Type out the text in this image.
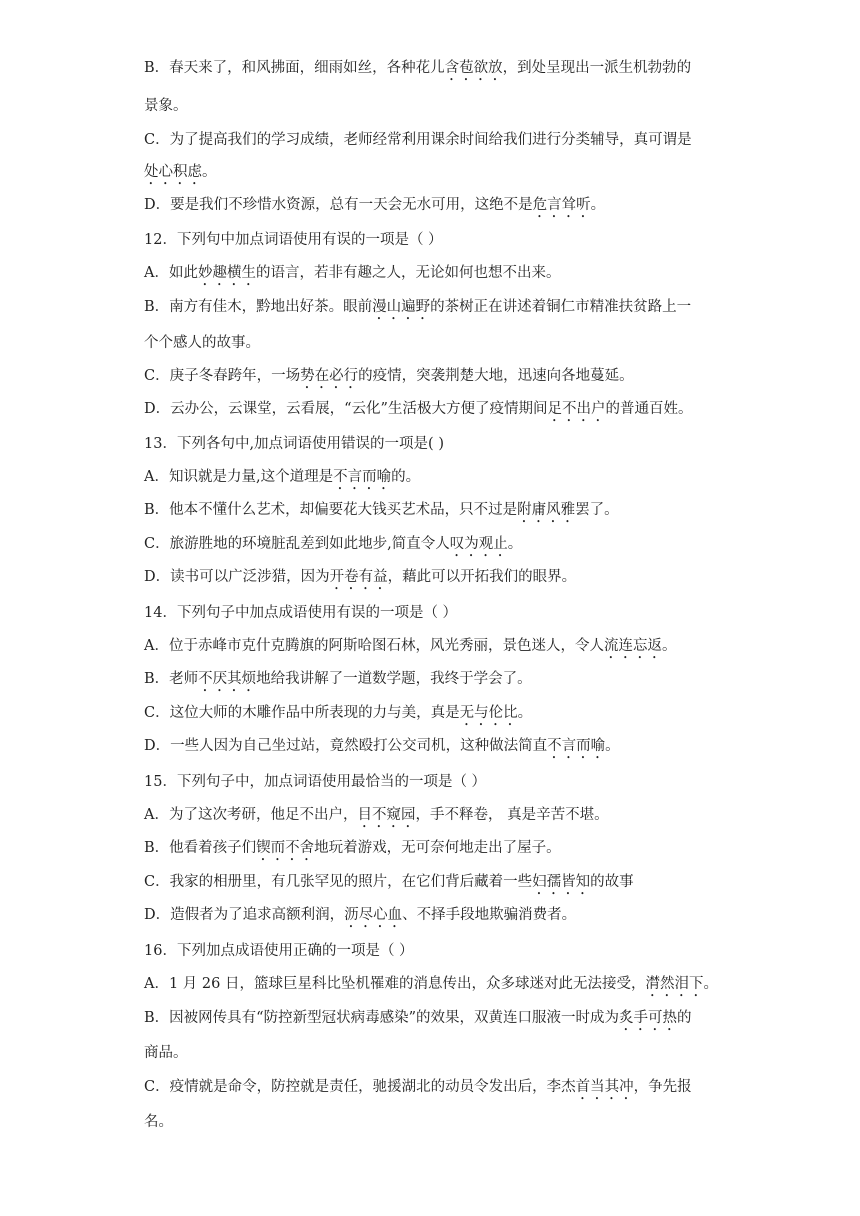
B．春天来了，和风拂面，细雨如丝，各种花儿含苞欲放，到处呈现出一派生机勃勃的
景象。
C．为了提高我们的学习成绩，老师经常利用课余时间给我们进行分类辅导，真可谓是
处心积虑。
D．要是我们不珍惜水资源，总有一天会无水可用，这绝不是危言耸听。
12．下列句中加点词语使用有误的一项是（ ）
A．如此妙趣横生的语言，若非有趣之人，无论如何也想不出来。
B．南方有佳木，黔地出好茶。眼前漫山遍野的茶树正在讲述着铜仁市精准扶贫路上一
个个感人的故事。
C．庚子冬春跨年，一场势在必行的疫情，突袭荆楚大地，迅速向各地蔓延。
D．云办公，云课堂，云看展，“云化”生活极大方便了疫情期间足不出户的普通百姓。
13．下列各句中,加点词语使用错误的一项是( )
A．知识就是力量,这个道理是不言而喻的。
B．他本不懂什么艺术，却偏要花大钱买艺术品，只不过是附庸风雅罢了。
C．旅游胜地的环境脏乱差到如此地步,简直令人叹为观止。
D．读书可以广泛涉猎，因为开卷有益，藉此可以开拓我们的眼界。
14．下列句子中加点成语使用有误的一项是（ ）
A．位于赤峰市克什克腾旗的阿斯哈图石林，风光秀丽，景色迷人，令人流连忘返。
B．老师不厌其烦地给我讲解了一道数学题，我终于学会了。
C．这位大师的木雕作品中所表现的力与美，真是无与伦比。
D．一些人因为自己坐过站，竟然殴打公交司机，这种做法简直不言而喻。
15．下列句子中，加点词语使用最恰当的一项是（ ）
A．为了这次考研，他足不出户，目不窥园，手不释卷， 真是辛苦不堪。
B．他看着孩子们锲而不舍地玩着游戏，无可奈何地走出了屋子。
C．我家的相册里，有几张罕见的照片，在它们背后藏着一些妇孺皆知的故事
D．造假者为了追求高额利润，沥尽心血、不择手段地欺骗消费者。
16．下列加点成语使用正确的一项是（ ）
A．1 月 26 日，篮球巨星科比坠机罹难的消息传出，众多球迷对此无法接受，潸然泪下。
B．因被网传具有“防控新型冠状病毒感染”的效果，双黄连口服液一时成为炙手可热的
商品。
C．疫情就是命令，防控就是责任，驰援湖北的动员令发出后，李杰首当其冲，争先报
名。
